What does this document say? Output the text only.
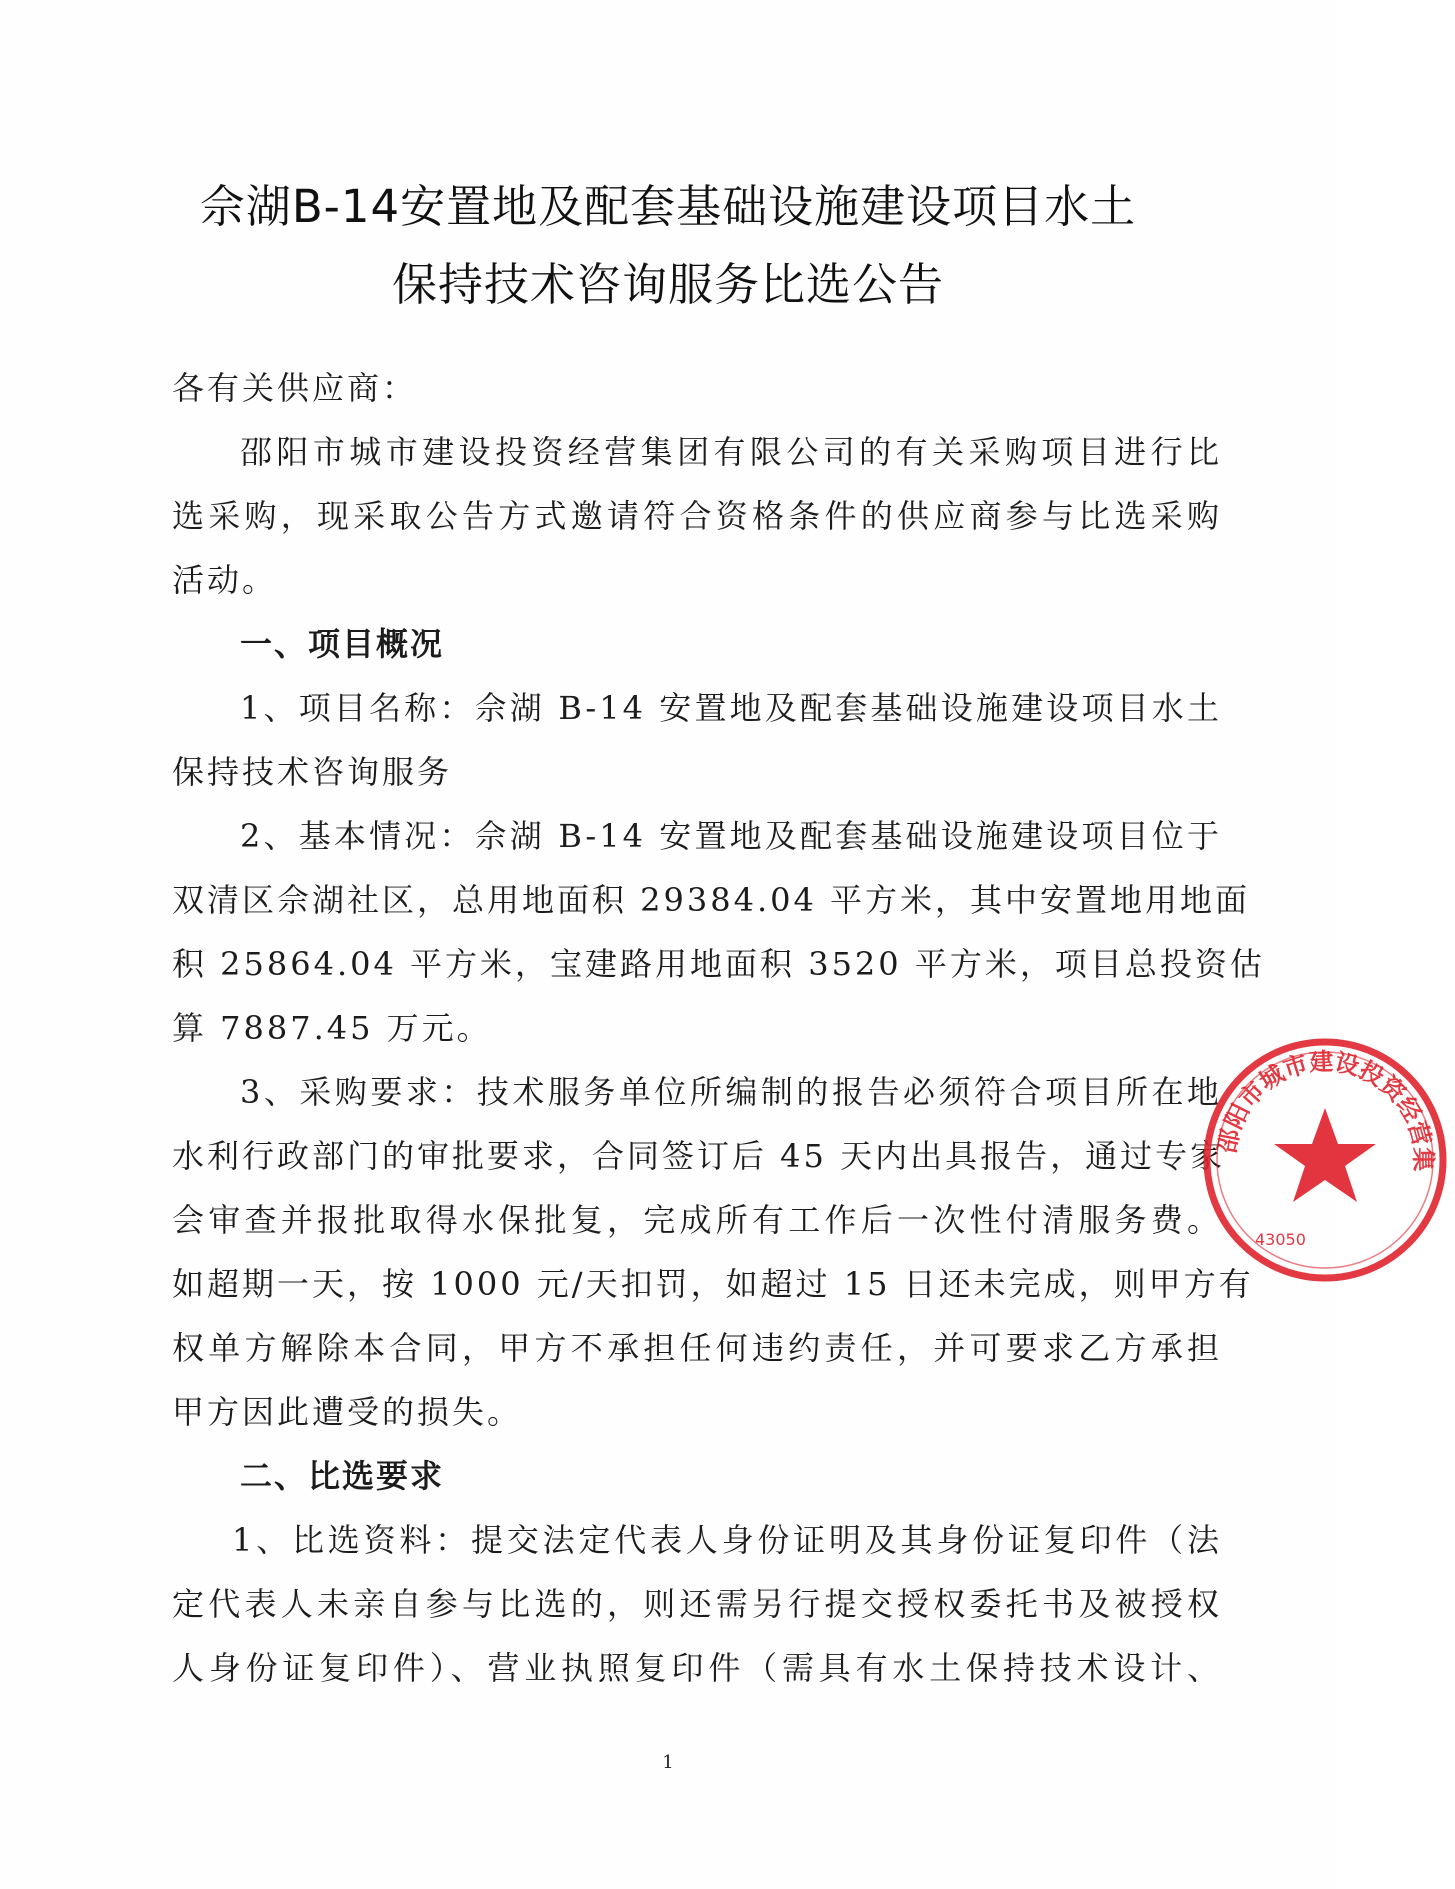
佘湖B-14安置地及配套基础设施建设项目水土
保持技术咨询服务比选公告
各有关供应商：
邵阳市城市建设投资经营集团有限公司的有关采购项目进行比
选采购，现采取公告方式邀请符合资格条件的供应商参与比选采购
活动。
一、项目概况
1、项目名称：佘湖 B-14 安置地及配套基础设施建设项目水土
保持技术咨询服务
2、基本情况：佘湖 B-14 安置地及配套基础设施建设项目位于
双清区佘湖社区，总用地面积 29384.04 平方米，其中安置地用地面
积 25864.04 平方米，宝建路用地面积 3520 平方米，项目总投资估
算 7887.45 万元。
3、采购要求：技术服务单位所编制的报告必须符合项目所在地
水利行政部门的审批要求，合同签订后 45 天内出具报告，通过专家
会审查并报批取得水保批复，完成所有工作后一次性付清服务费。
如超期一天，按 1000 元/天扣罚，如超过 15 日还未完成，则甲方有
权单方解除本合同，甲方不承担任何违约责任，并可要求乙方承担
甲方因此遭受的损失。
二、比选要求
1、比选资料：提交法定代表人身份证明及其身份证复印件（法
定代表人未亲自参与比选的，则还需另行提交授权委托书及被授权
人身份证复印件）、营业执照复印件（需具有水土保持技术设计、
1
邵阳市城市建设投资经营集
43050
